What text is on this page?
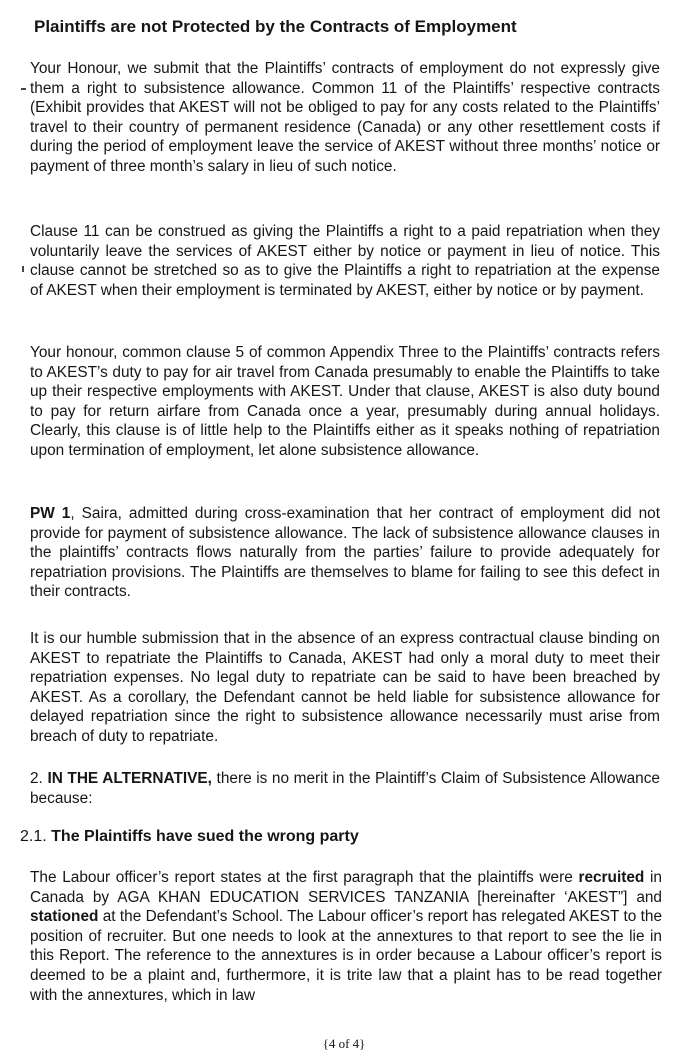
Plaintiffs are not Protected by the Contracts of Employment
Your Honour, we submit that the Plaintiffs’ contracts of employment do not expressly give them a right to subsistence allowance. Common 11 of the Plaintiffs’ respective contracts (Exhibit provides that AKEST will not be obliged to pay for any costs related to the Plaintiffs’ travel to their country of permanent residence (Canada) or any other resettlement costs if during the period of employment leave the service of AKEST without three months’ notice or payment of three month’s salary in lieu of such notice.
Clause 11 can be construed as giving the Plaintiffs a right to a paid repatriation when they voluntarily leave the services of AKEST either by notice or payment in lieu of notice. This clause cannot be stretched so as to give the Plaintiffs a right to repatriation at the expense of AKEST when their employment is terminated by AKEST, either by notice or by payment.
Your honour, common clause 5 of common Appendix Three to the Plaintiffs’ contracts refers to AKEST’s duty to pay for air travel from Canada presumably to enable the Plaintiffs to take up their respective employments with AKEST. Under that clause, AKEST is also duty bound to pay for return airfare from Canada once a year, presumably during annual holidays. Clearly, this clause is of little help to the Plaintiffs either as it speaks nothing of repatriation upon termination of employment, let alone subsistence allowance.
PW 1, Saira, admitted during cross-examination that her contract of employment did not provide for payment of subsistence allowance. The lack of subsistence allowance clauses in the plaintiffs’ contracts flows naturally from the parties’ failure to provide adequately for repatriation provisions. The Plaintiffs are themselves to blame for failing to see this defect in their contracts.
It is our humble submission that in the absence of an express contractual clause binding on AKEST to repatriate the Plaintiffs to Canada, AKEST had only a moral duty to meet their repatriation expenses. No legal duty to repatriate can be said to have been breached by AKEST. As a corollary, the Defendant cannot be held liable for subsistence allowance for delayed repatriation since the right to subsistence allowance necessarily must arise from breach of duty to repatriate.
2. IN THE ALTERNATIVE, there is no merit in the Plaintiff’s Claim of Subsistence Allowance because:
2.1. The Plaintiffs have sued the wrong party
The Labour officer’s report states at the first paragraph that the plaintiffs were recruited in Canada by AGA KHAN EDUCATION SERVICES TANZANIA [hereinafter ‘AKEST”] and stationed at the Defendant’s School. The Labour officer’s report has relegated AKEST to the position of recruiter. But one needs to look at the annextures to that report to see the lie in this Report. The reference to the annextures is in order because a Labour officer’s report is deemed to be a plaint and, furthermore, it is trite law that a plaint has to be read together with the annextures, which in law
{4 of 4}
